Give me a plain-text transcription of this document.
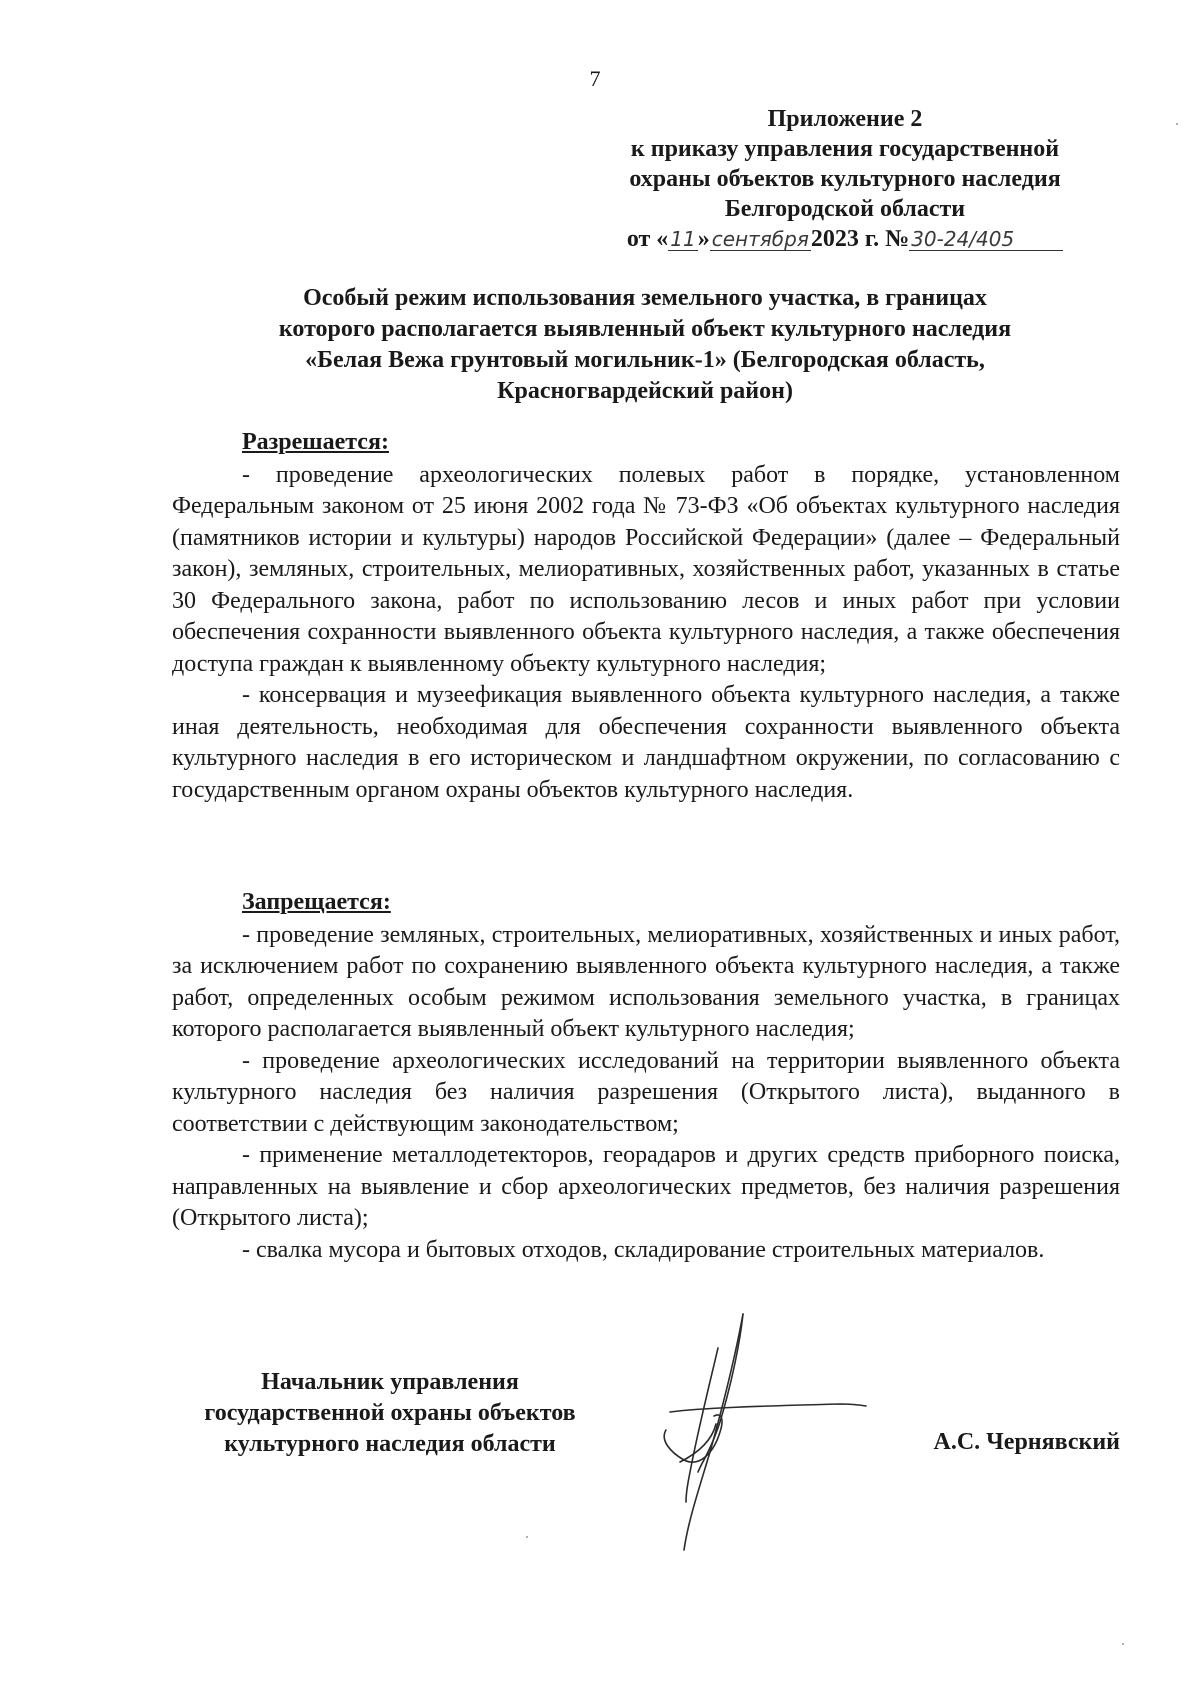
7
Приложение 2
к приказу управления государственной
охраны объектов культурного наследия
Белгородской области
от « 11» сентября2023 г. № 30-24/405
Особый режим использования земельного участка, в границах
которого располагается выявленный объект культурного наследия
«Белая Вежа грунтовый могильник-1» (Белгородская область,
Красногвардейский район)
Разрешается:

- проведение археологических полевых работ в порядке, установленном Федеральным законом от 25 июня 2002 года № 73-ФЗ «Об объектах культурного наследия (памятников истории и культуры) народов Российской Федерации» (далее – Федеральный закон), земляных, строительных, мелиоративных, хозяйственных работ, указанных в статье 30 Федерального закона, работ по использованию лесов и иных работ при условии обеспечения сохранности выявленного объекта культурного наследия, а также обеспечения доступа граждан к выявленному объекту культурного наследия;

- консервация и музеефикация выявленного объекта культурного наследия, а также иная деятельность, необходимая для обеспечения сохранности выявленного объекта культурного наследия в его историческом и ландшафтном окружении, по согласованию с государственным органом охраны объектов культурного наследия.

Запрещается:

- проведение земляных, строительных, мелиоративных, хозяйственных и иных работ, за исключением работ по сохранению выявленного объекта культурного наследия, а также работ, определенных особым режимом использования земельного участка, в границах которого располагается выявленный объект культурного наследия;

- проведение археологических исследований на территории выявленного объекта культурного наследия без наличия разрешения (Открытого листа), выданного в соответствии с действующим законодательством;

- применение металлодетекторов, георадаров и других средств приборного поиска, направленных на выявление и сбор археологических предметов, без наличия разрешения (Открытого листа);

- свалка мусора и бытовых отходов, складирование строительных материалов.

Начальник управления
государственной охраны объектов
культурного наследия области	А.С. Чернявский
